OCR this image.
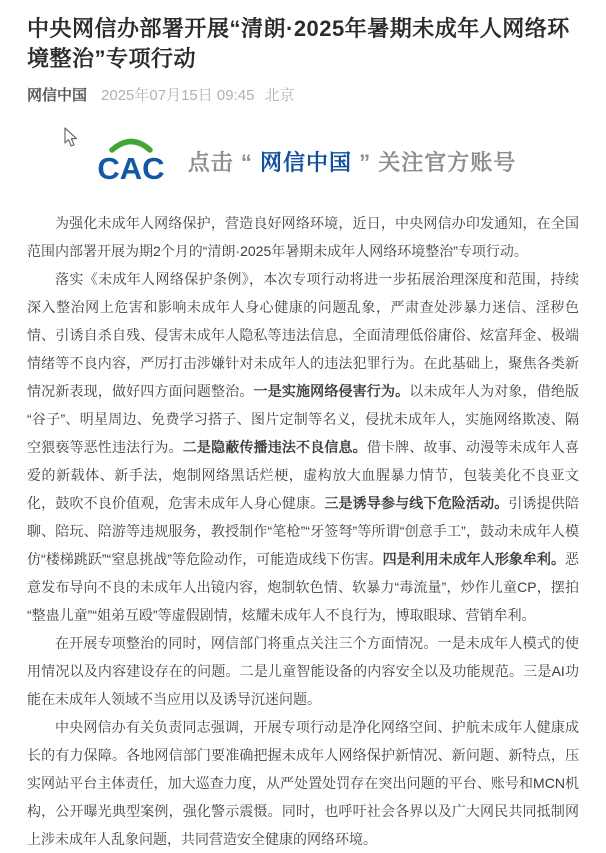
中央网信办部署开展“清朗·2025年暑期未成年人网络环境整治”专项行动
网信中国 2025年07月15日 09:45 北京
CAC 点击 “ 网信中国 ” 关注官方账号

为强化未成年人网络保护，营造良好网络环境，近日，中央网信办印发通知，在全国范围内部署开展为期2个月的“清朗·2025年暑期未成年人网络环境整治”专项行动。

落实《未成年人网络保护条例》，本次专项行动将进一步拓展治理深度和范围，持续深入整治网上危害和影响未成年人身心健康的问题乱象，严肃查处涉暴力迷信、淫秽色情、引诱自杀自残、侵害未成年人隐私等违法信息，全面清理低俗庸俗、炫富拜金、极端情绪等不良内容，严厉打击涉嫌针对未成年人的违法犯罪行为。在此基础上，聚焦各类新情况新表现，做好四方面问题整治。一是实施网络侵害行为。以未成年人为对象，借绝版“谷子”、明星周边、免费学习搭子、图片定制等名义，侵扰未成年人，实施网络欺凌、隔空猥亵等恶性违法行为。二是隐蔽传播违法不良信息。借卡牌、故事、动漫等未成年人喜爱的新载体、新手法，炮制网络黑话烂梗，虚构放大血腥暴力情节，包装美化不良亚文化，鼓吹不良价值观，危害未成年人身心健康。三是诱导参与线下危险活动。引诱提供陪聊、陪玩、陪游等违规服务，教授制作“笔枪”“牙签弩”等所谓“创意手工”，鼓动未成年人模仿“楼梯跳跃”“窒息挑战”等危险动作，可能造成线下伤害。四是利用未成年人形象牟利。恶意发布导向不良的未成年人出镜内容，炮制软色情、软暴力“毒流量”，炒作儿童CP，摆拍“整蛊儿童”“姐弟互殴”等虚假剧情，炫耀未成年人不良行为，博取眼球、营销牟利。

在开展专项整治的同时，网信部门将重点关注三个方面情况。一是未成年人模式的使用情况以及内容建设存在的问题。二是儿童智能设备的内容安全以及功能规范。三是AI功能在未成年人领域不当应用以及诱导沉迷问题。

中央网信办有关负责同志强调，开展专项行动是净化网络空间、护航未成年人健康成长的有力保障。各地网信部门要准确把握未成年人网络保护新情况、新问题、新特点，压实网站平台主体责任，加大巡查力度，从严处置处罚存在突出问题的平台、账号和MCN机构，公开曝光典型案例，强化警示震慑。同时，也呼吁社会各界以及广大网民共同抵制网上涉未成年人乱象问题，共同营造安全健康的网络环境。
